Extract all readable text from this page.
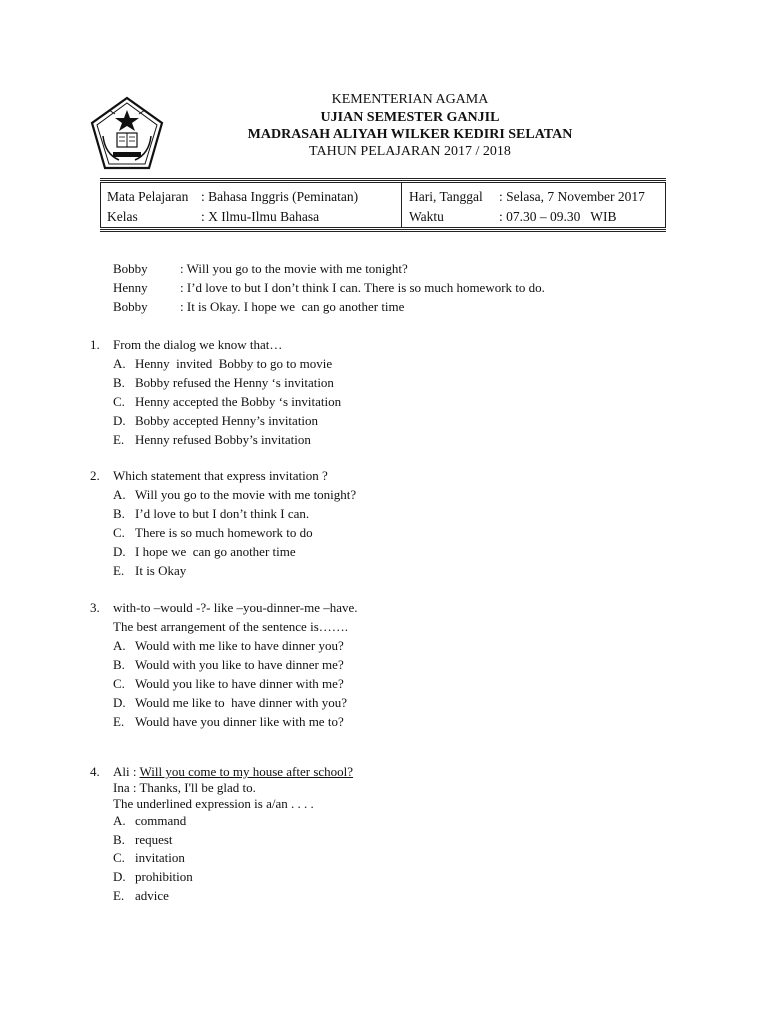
KEMENTERIAN AGAMA
UJIAN SEMESTER GANJIL
MADRASAH ALIYAH WILKER KEDIRI SELATAN
TAHUN PELAJARAN 2017 / 2018
Mata Pelajaran : Bahasa Inggris (Peminatan)
Kelas	: X Ilmu-Ilmu Bahasa
Hari, Tanggal : Selasa, 7 November 2017
Waktu	: 07.30 – 09.30   WIB
Bobby : Will you go to the movie with me tonight?
Henny : I’d love to but I don’t think I can. There is so much homework to do.
Bobby : It is Okay. I hope we  can go another time
1. From the dialog we know that…
A. Henny  invited  Bobby to go to movie
B. Bobby refused the Henny ‘s invitation
C. Henny accepted the Bobby ‘s invitation
D. Bobby accepted Henny’s invitation
E. Henny refused Bobby’s invitation
2. Which statement that express invitation ?
A. Will you go to the movie with me tonight?
B. I’d love to but I don’t think I can.
C. There is so much homework to do
D. I hope we  can go another time
E. It is Okay
3. with-to –would -?- like –you-dinner-me –have.
The best arrangement of the sentence is…….
A. Would with me like to have dinner you?
B. Would with you like to have dinner me?
C. Would you like to have dinner with me?
D. Would me like to  have dinner with you?
E. Would have you dinner like with me to?
4. Ali : Will you come to my house after school?
Ina : Thanks, I'll be glad to.
The underlined expression is a/an . . . .
A. command
B. request
C. invitation
D. prohibition
E. advice
